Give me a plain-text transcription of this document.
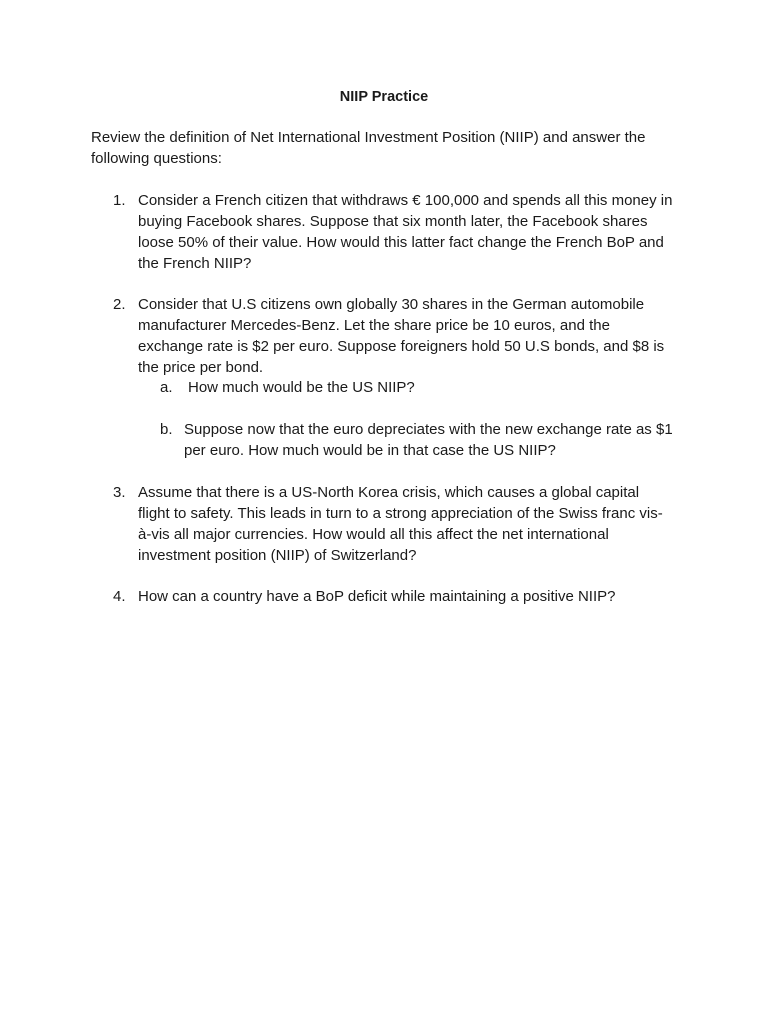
NIIP Practice
Review the definition of Net International Investment Position (NIIP) and answer the following questions:
1. Consider a French citizen that withdraws € 100,000 and spends all this money in buying Facebook shares. Suppose that six month later, the Facebook shares loose 50% of their value. How would this latter fact change the French BoP and the French NIIP?
2. Consider that U.S citizens own globally 30 shares in the German automobile manufacturer Mercedes-Benz. Let the share price be 10 euros, and the exchange rate is $2 per euro. Suppose foreigners hold 50 U.S bonds, and $8 is the price per bond.
a.	How much would be the US NIIP?
b. Suppose now that the euro depreciates with the new exchange rate as $1 per euro. How much would be in that case the US NIIP?
3. Assume that there is a US-North Korea crisis, which causes a global capital flight to safety. This leads in turn to a strong appreciation of the Swiss franc vis-à-vis all major currencies. How would all this affect the net international investment position (NIIP) of Switzerland?
4. How can a country have a BoP deficit while maintaining a positive NIIP?
